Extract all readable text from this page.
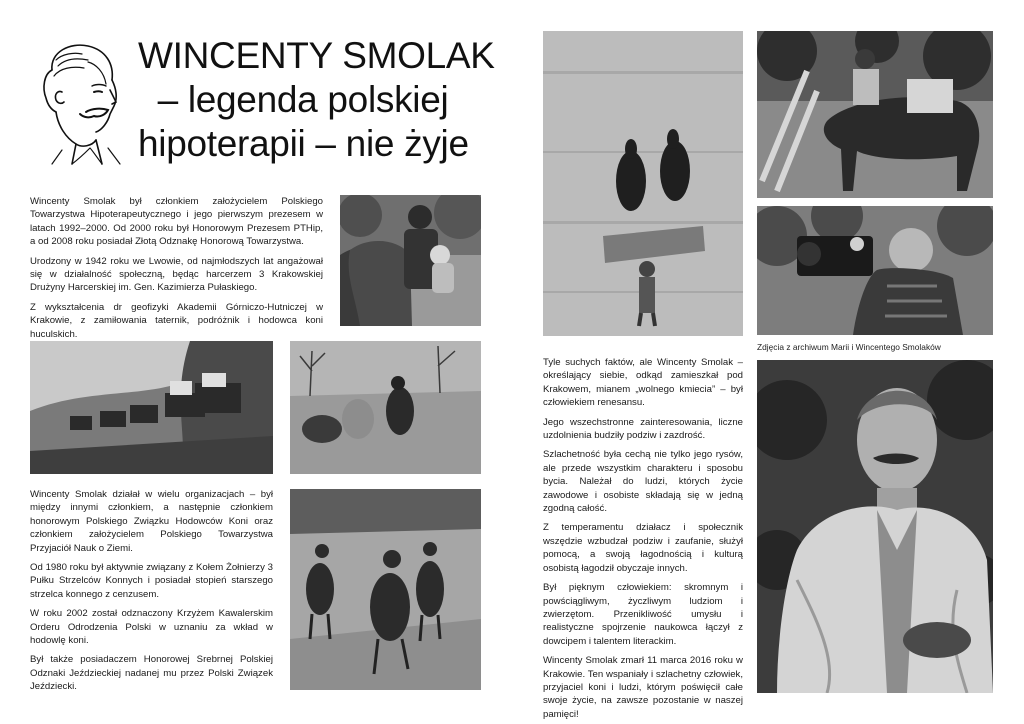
WINCENTY SMOLAK
– legenda polskiej
hipoterapii – nie żyje

Wincenty Smolak był członkiem założycielem Polskiego Towarzystwa Hipoterapeutycznego i jego pierwszym prezesem w latach 1992–2000. Od 2000 roku był Honorowym Prezesem PTHip, a od 2008 roku posiadał Złotą Odznakę Honorową Towarzystwa.

Urodzony w 1942 roku we Lwowie, od najmłodszych lat angażował się w działalność społeczną, będąc harcerzem 3 Krakowskiej Drużyny Harcerskiej im. Gen. Kazimierza Pułaskiego.

Z wykształcenia dr geofizyki Akademii Górniczo-Hutniczej w Krakowie, z zamiłowania taternik, podróżnik i hodowca koni huculskich.

Wincenty Smolak działał w wielu organizacjach – był między innymi członkiem, a następnie członkiem honorowym Polskiego Związku Hodowców Koni oraz członkiem założycielem Polskiego Towarzystwa Przyjaciół Nauk o Ziemi.

Od 1980 roku był aktywnie związany z Kołem Żołnierzy 3 Pułku Strzelców Konnych i posiadał stopień starszego strzelca konnego z cenzusem.

W roku 2002 został odznaczony Krzyżem Kawalerskim Orderu Odrodzenia Polski w uznaniu za wkład w hodowlę koni.

Był także posiadaczem Honorowej Srebrnej Polskiej Odznaki Jeździeckiej nadanej mu przez Polski Związek Jeździecki.

Zdjęcia z archiwum Marii i Wincentego Smolaków

Tyle suchych faktów, ale Wincenty Smolak – określający siebie, odkąd zamieszkał pod Krakowem, mianem „wolnego kmiecia” – był człowiekiem renesansu.

Jego wszechstronne zainteresowania, liczne uzdolnienia budziły podziw i zazdrość.

Szlachetność była cechą nie tylko jego rysów, ale przede wszystkim charakteru i sposobu bycia. Należał do ludzi, których życie zawodowe i osobiste składają się w jedną zgodną całość.

Z temperamentu działacz i społecznik wszędzie wzbudzał podziw i zaufanie, służył pomocą, a swoją łagodnością i kulturą osobistą łagodził obyczaje innych.

Był pięknym człowiekiem: skromnym i powściągliwym, życzliwym ludziom i zwierzętom. Przenikliwość umysłu i realistyczne spojrzenie naukowca łączył z dowcipem i talentem literackim.

Wincenty Smolak zmarł 11 marca 2016 roku w Krakowie. Ten wspaniały i szlachetny człowiek, przyjaciel koni i ludzi, którym poświęcił całe swoje życie, na zawsze pozostanie w naszej pamięci!
